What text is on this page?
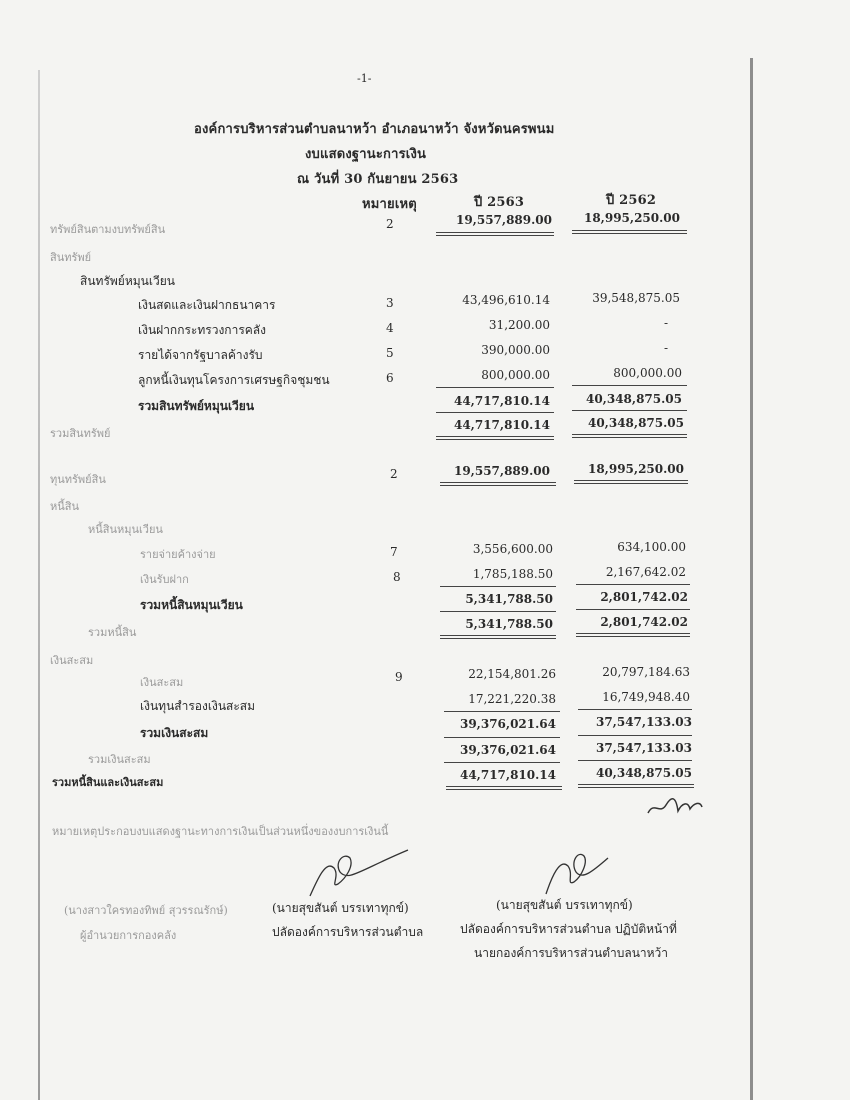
-1-
องค์การบริหารส่วนตำบลนาหว้า อำเภอนาหว้า จังหวัดนครพนม
งบแสดงฐานะการเงิน
ณ วันที่ 30 กันยายน 2563
หมายเหตุ	ปี 2563	ปี 2562
ทรัพย์สินตามงบทรัพย์สิน
สินทรัพย์
สินทรัพย์หมุนเวียน
เงินสดและเงินฝากธนาคาร
เงินฝากกระทรวงการคลัง
รายได้จากรัฐบาลค้างรับ
ลูกหนี้เงินทุนโครงการเศรษฐกิจชุมชน
รวมสินทรัพย์หมุนเวียน
รวมสินทรัพย์
ทุนทรัพย์สิน
หนี้สิน
หนี้สินหมุนเวียน
รายจ่ายค้างจ่าย
เงินรับฝาก
รวมหนี้สินหมุนเวียน
รวมหนี้สิน
เงินสะสม
เงินสะสม
เงินทุนสำรองเงินสะสม
รวมเงินสะสม
รวมเงินสะสม
รวมหนี้สินและเงินสะสม
2
3
4
5
6
2
7
8
9
19,557,889.00
43,496,610.14
31,200.00
390,000.00
800,000.00
44,717,810.14
44,717,810.14
19,557,889.00
3,556,600.00
1,785,188.50
5,341,788.50
5,341,788.50
22,154,801.26
17,221,220.38
39,376,021.64
39,376,021.64
44,717,810.14
18,995,250.00
39,548,875.05
-
-
800,000.00
40,348,875.05
40,348,875.05
18,995,250.00
634,100.00
2,167,642.02
2,801,742.02
2,801,742.02
20,797,184.63
16,749,948.40
37,547,133.03
37,547,133.03
40,348,875.05
หมายเหตุประกอบงบแสดงฐานะทางการเงินเป็นส่วนหนึ่งของงบการเงินนี้
(นางสาวใครทองทิพย์ สุวรรณรักษ์)
ผู้อำนวยการกองคลัง
(นายสุขสันต์ บรรเทาทุกข์)
ปลัดองค์การบริหารส่วนตำบล
(นายสุขสันต์ บรรเทาทุกข์)
ปลัดองค์การบริหารส่วนตำบล ปฏิบัติหน้าที่
นายกองค์การบริหารส่วนตำบลนาหว้า
